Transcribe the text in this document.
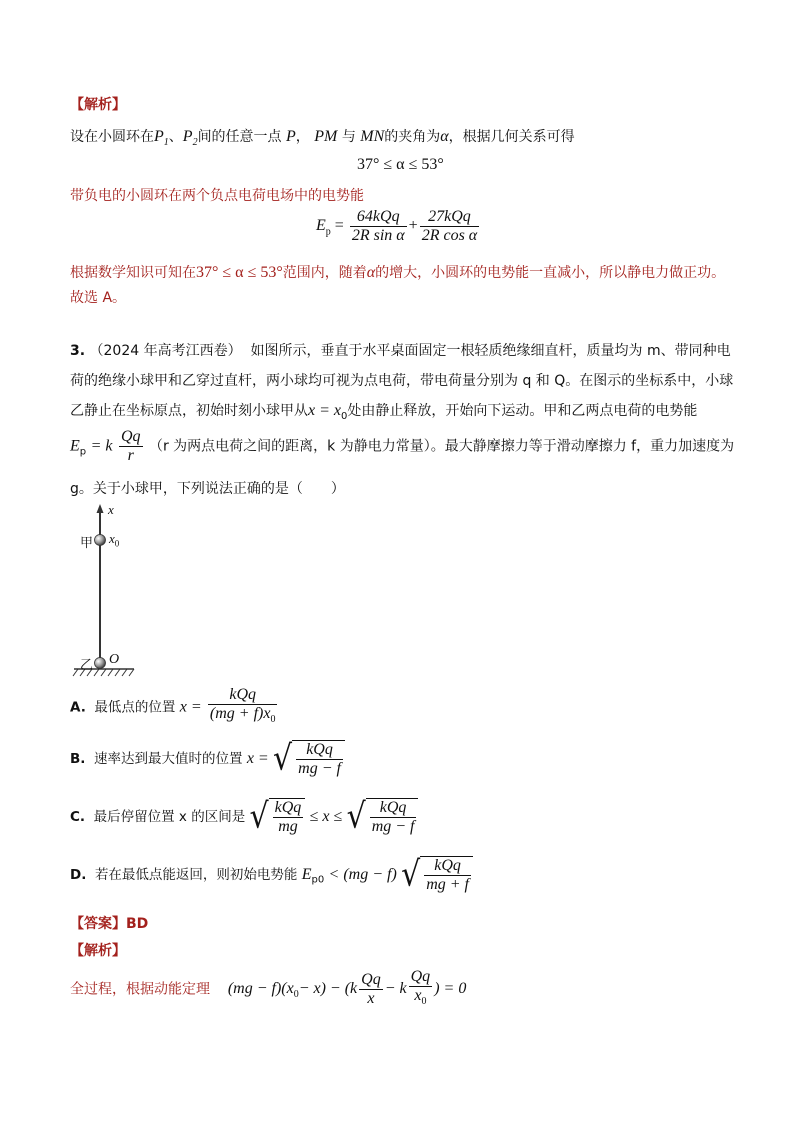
【解析】
设在小圆环在$P_1$、$P_2$间的任意一点 P， PM 与 MN的夹角为α，根据几何关系可得
37° ≤ α ≤ 53°
带负电的小圆环在两个负点电荷电场中的电势能
$E_p = \frac{\text{64kQq}}{\text{2R sin α}} + \frac{\text{27kQq}}{\text{2R cos α}}$
根据数学知识可知在37° ≤ α ≤ 53°范围内，随着α的增大，小圆环的电势能一直减小，所以静电力做正功。
故选 A。
3. （2024 年高考江西卷） 如图所示，垂直于水平桌面固定一根轻质绝缘细直杆，质量均为 m、带同种电
荷的绝缘小球甲和乙穿过直杆，两小球均可视为点电荷，带电荷量分别为 q 和 Q。在图示的坐标系中，小球
乙静止在坐标原点，初始时刻小球甲从$x = x_0$处由静止释放，开始向下运动。甲和乙两点电荷的电势能
$E_p = k \frac{Qq}{r} (r$ 为两点电荷之间的距离，k 为静电力常量）。最大静摩擦力等于滑动摩擦力 f，重力加速度为
g。关于小球甲，下列说法正确的是（　　）
x
甲 $x_0$
乙 O
A. 最低点的位置 $x = \frac{\text{kQq}}{(mg + f)x_0}$
B. 速率达到最大值时的位置 x = √ $\frac{\text{kQq}}{mg - f}$
C. 最后停留位置 x 的区间是 √ $\frac{\text{kQq}}{mg} \le x$ ≤ √ $\frac{\text{kQq}}{mg - f}$
D. 若在最低点能返回，则初始电势能 $E_{p0} < (mg - f)$ √ $\frac{\text{kQq}}{mg + f}$
【答案】BD
【解析】
全过程，根据动能定理 $(mg - f)(x_0- x) - (k \frac{Qq}{x} - k \frac{Qq}{x_0}$ ) = 0
